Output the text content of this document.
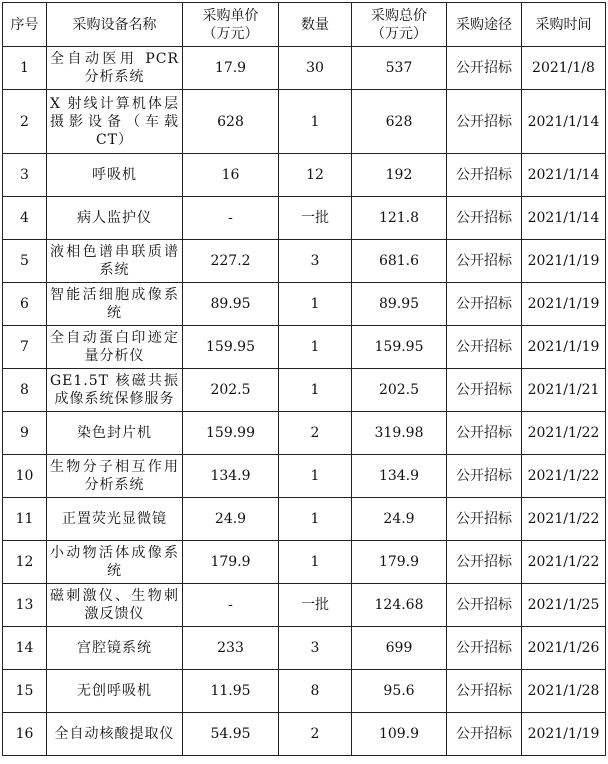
序号	采购设备名称	采购单价（万元）	数量	采购总价（万元）	采购途径	采购时间
1	全自动医用 PCR 分析系统	17.9	30	537	公开招标	2021/1/8
2	X 射线计算机体层摄影设备（车载CT）	628	1	628	公开招标	2021/1/14
3	呼吸机	16	12	192	公开招标	2021/1/14
4	病人监护仪	-	一批	121.8	公开招标	2021/1/14
5	液相色谱串联质谱系统	227.2	3	681.6	公开招标	2021/1/19
6	智能活细胞成像系统	89.95	1	89.95	公开招标	2021/1/19
7	全自动蛋白印迹定量分析仪	159.95	1	159.95	公开招标	2021/1/19
8	GE1.5T 核磁共振成像系统保修服务	202.5	1	202.5	公开招标	2021/1/21
9	染色封片机	159.99	2	319.98	公开招标	2021/1/22
10	生物分子相互作用分析系统	134.9	1	134.9	公开招标	2021/1/22
11	正置荧光显微镜	24.9	1	24.9	公开招标	2021/1/22
12	小动物活体成像系统	179.9	1	179.9	公开招标	2021/1/22
13	磁刺激仪、生物刺激反馈仪	-	一批	124.68	公开招标	2021/1/25
14	宫腔镜系统	233	3	699	公开招标	2021/1/26
15	无创呼吸机	11.95	8	95.6	公开招标	2021/1/28
16	全自动核酸提取仪	54.95	2	109.9	公开招标	2021/1/19
